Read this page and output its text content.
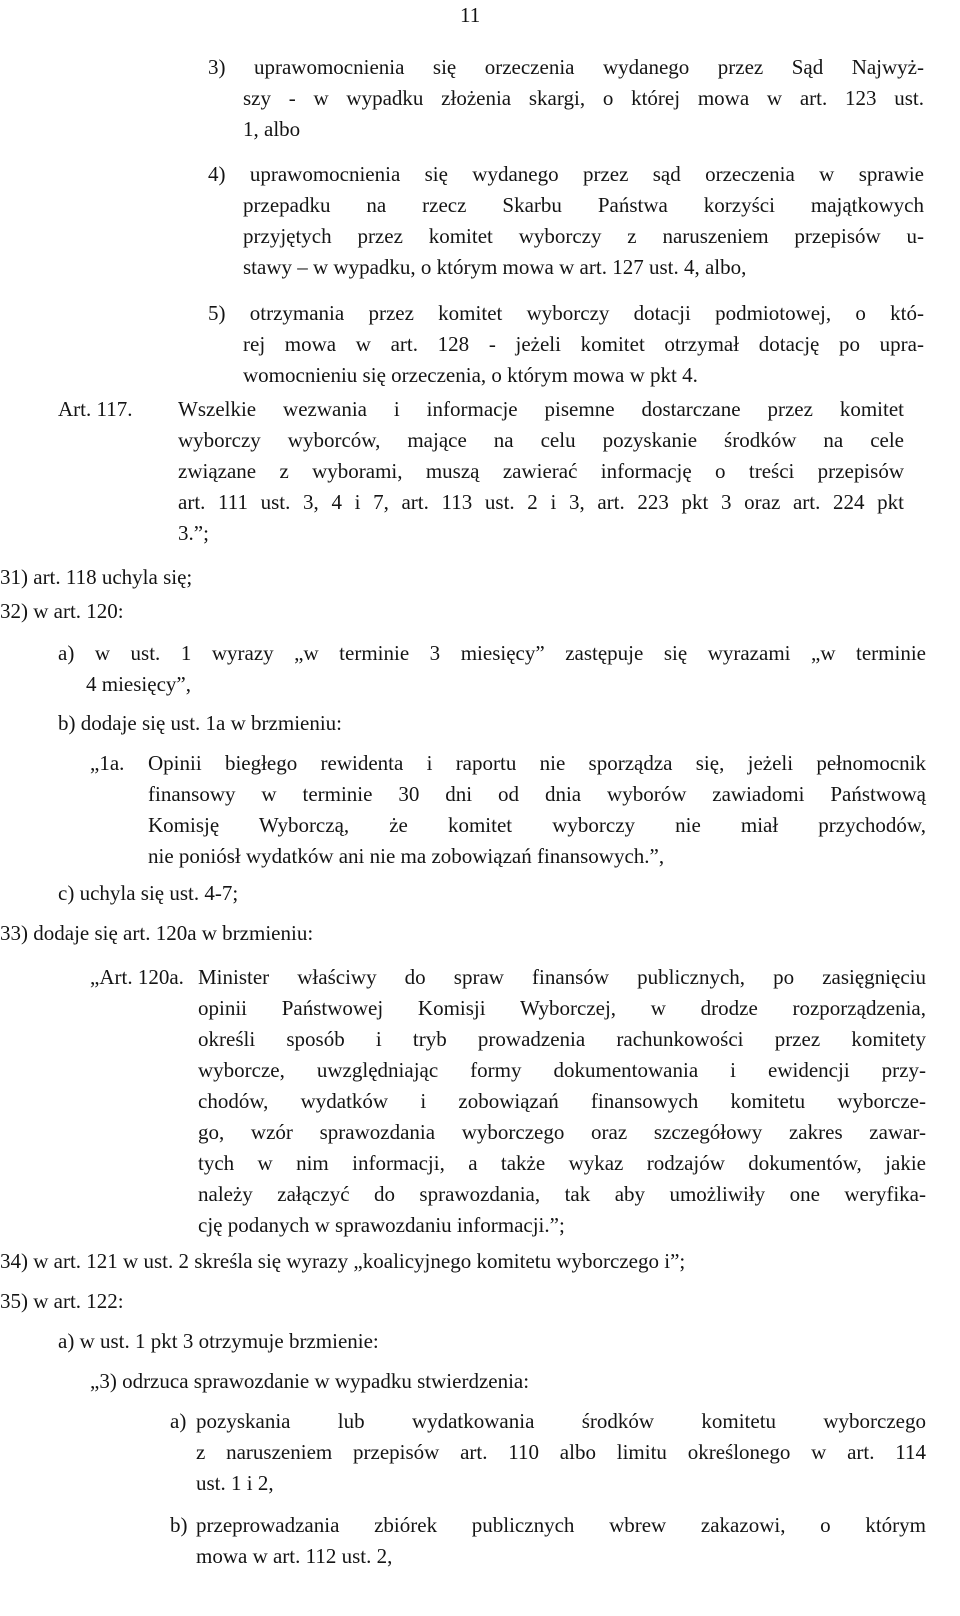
11
3) uprawomocnienia się orzeczenia wydanego przez Sąd Najwyż-
szy - w wypadku złożenia skargi, o której mowa w art. 123 ust.
1, albo
4) uprawomocnienia się wydanego przez sąd orzeczenia w sprawie
przepadku na rzecz Skarbu Państwa korzyści majątkowych
przyjętych przez komitet wyborczy z naruszeniem przepisów u-
stawy – w wypadku, o którym mowa w art. 127 ust. 4, albo,
5) otrzymania przez komitet wyborczy dotacji podmiotowej, o któ-
rej mowa w art. 128 - jeżeli komitet otrzymał dotację po upra-
womocnieniu się orzeczenia, o którym mowa w pkt 4.
Art. 117. Wszelkie wezwania i informacje pisemne dostarczane przez komitet
wyborczy wyborców, mające na celu pozyskanie środków na cele
związane z wyborami, muszą zawierać informację o treści przepisów
art. 111 ust. 3, 4 i 7, art. 113 ust. 2 i 3, art. 223 pkt 3 oraz art. 224 pkt
3.”;
31) art. 118 uchyla się;
32) w art. 120:
a) w ust. 1 wyrazy „w terminie 3 miesięcy” zastępuje się wyrazami „w terminie
4 miesięcy”,
b) dodaje się ust. 1a w brzmieniu:
„1a. Opinii biegłego rewidenta i raportu nie sporządza się, jeżeli pełnomocnik
finansowy w terminie 30 dni od dnia wyborów zawiadomi Państwową
Komisję Wyborczą, że komitet wyborczy nie miał przychodów,
nie poniósł wydatków ani nie ma zobowiązań finansowych.”,
c) uchyla się ust. 4-7;
33) dodaje się art. 120a w brzmieniu:
„Art. 120a. Minister właściwy do spraw finansów publicznych, po zasięgnięciu
opinii Państwowej Komisji Wyborczej, w drodze rozporządzenia,
określi sposób i tryb prowadzenia rachunkowości przez komitety
wyborcze, uwzględniając formy dokumentowania i ewidencji przy-
chodów, wydatków i zobowiązań finansowych komitetu wyborcze-
go, wzór sprawozdania wyborczego oraz szczegółowy zakres zawar-
tych w nim informacji, a także wykaz rodzajów dokumentów, jakie
należy załączyć do sprawozdania, tak aby umożliwiły one weryfika-
cję podanych w sprawozdaniu informacji.”;
34) w art. 121 w ust. 2 skreśla się wyrazy „koalicyjnego komitetu wyborczego i”;
35) w art. 122:
a) w ust. 1 pkt 3 otrzymuje brzmienie:
„3) odrzuca sprawozdanie w wypadku stwierdzenia:
a) pozyskania lub wydatkowania środków komitetu wyborczego
z naruszeniem przepisów art. 110 albo limitu określonego w art. 114
ust. 1 i 2,
b) przeprowadzania zbiórek publicznych wbrew zakazowi, o którym
mowa w art. 112 ust. 2,
